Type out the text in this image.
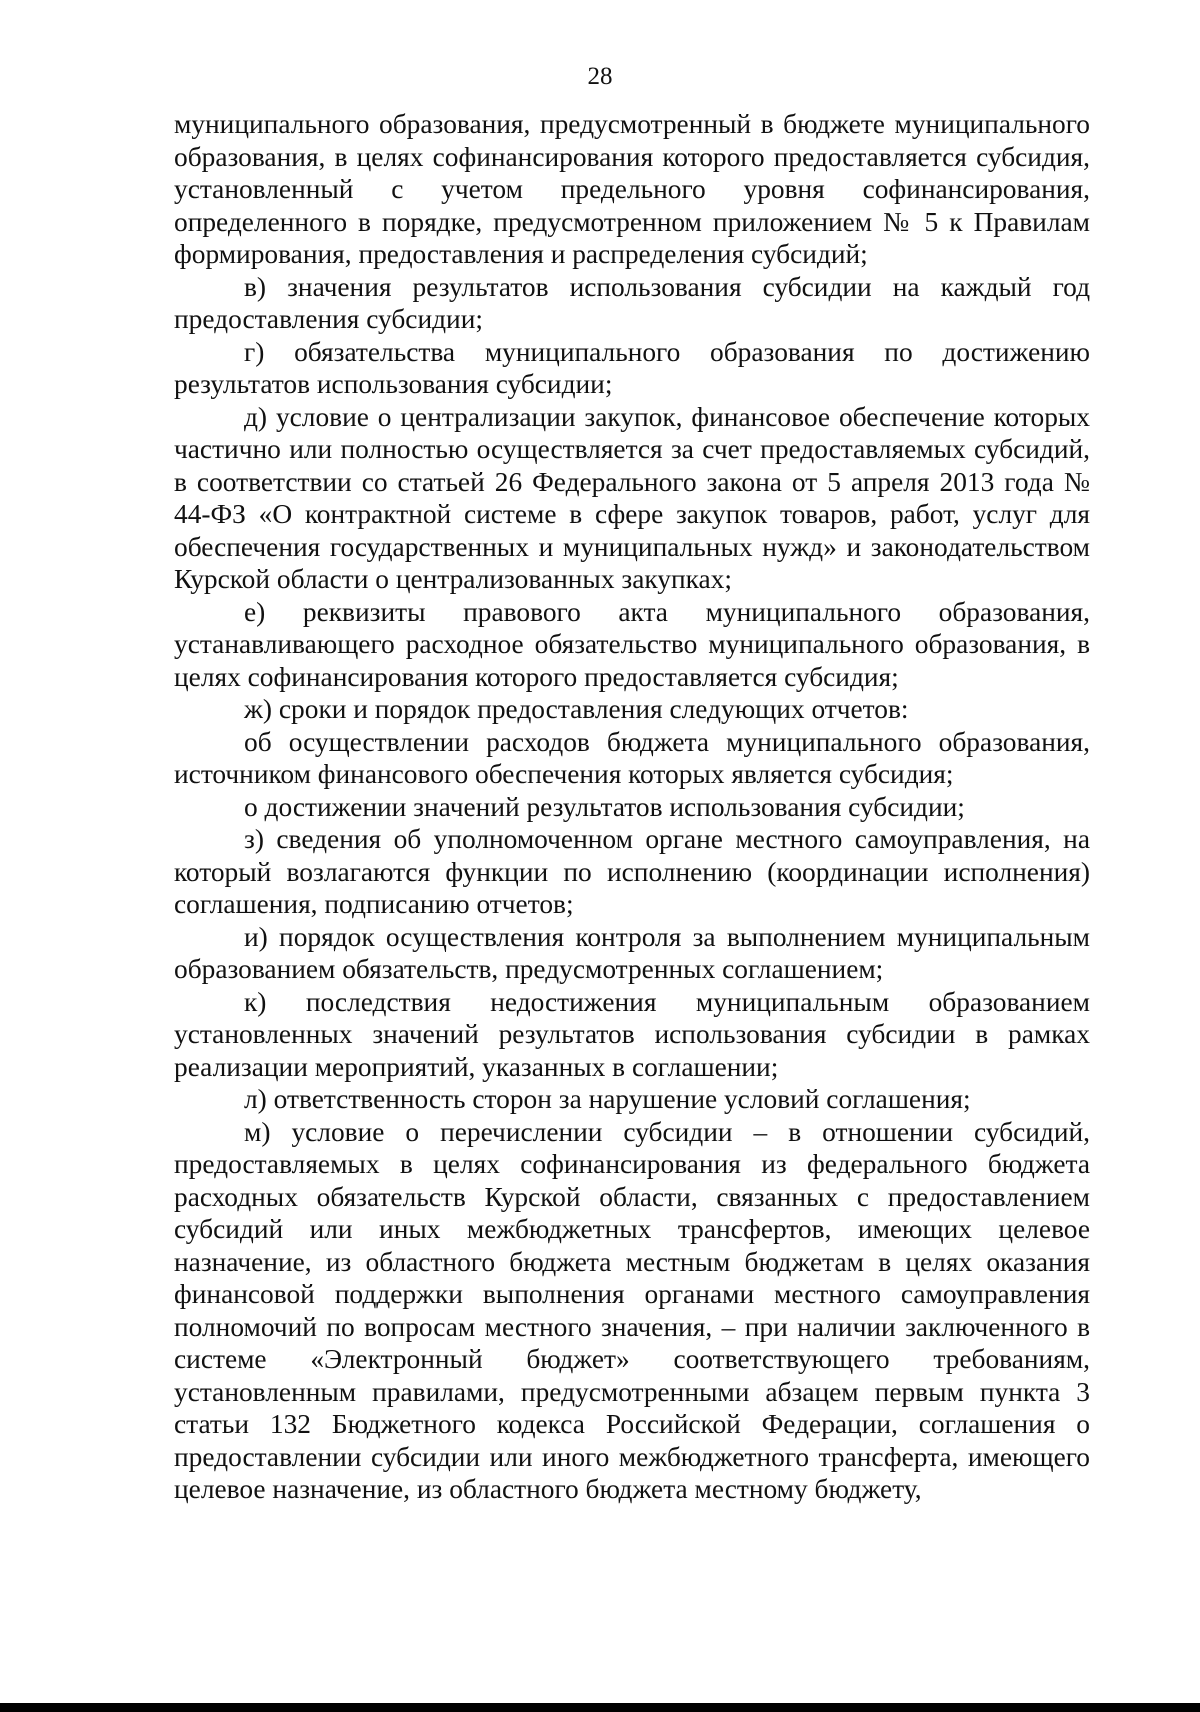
28

муниципального образования, предусмотренный в бюджете муниципального образования, в целях софинансирования которого предоставляется субсидия, установленный с учетом предельного уровня софинансирования, определенного в порядке, предусмотренном приложением № 5 к Правилам формирования, предоставления и распределения субсидий;

в) значения результатов использования субсидии на каждый год предоставления субсидии;

г) обязательства муниципального образования по достижению результатов использования субсидии;

д) условие о централизации закупок, финансовое обеспечение которых частично или полностью осуществляется за счет предоставляемых субсидий, в соответствии со статьей 26 Федерального закона от 5 апреля 2013 года № 44-ФЗ «О контрактной системе в сфере закупок товаров, работ, услуг для обеспечения государственных и муниципальных нужд» и законодательством Курской области о централизованных закупках;

е) реквизиты правового акта муниципального образования, устанавливающего расходное обязательство муниципального образования, в целях софинансирования которого предоставляется субсидия;

ж) сроки и порядок предоставления следующих отчетов:

об осуществлении расходов бюджета муниципального образования, источником финансового обеспечения которых является субсидия;

о достижении значений результатов использования субсидии;

з) сведения об уполномоченном органе местного самоуправления, на который возлагаются функции по исполнению (координации исполнения) соглашения, подписанию отчетов;

и) порядок осуществления контроля за выполнением муниципальным образованием обязательств, предусмотренных соглашением;

к) последствия недостижения муниципальным образованием установленных значений результатов использования субсидии в рамках реализации мероприятий, указанных в соглашении;

л) ответственность сторон за нарушение условий соглашения;

м) условие о перечислении субсидии – в отношении субсидий, предоставляемых в целях софинансирования из федерального бюджета расходных обязательств Курской области, связанных с предоставлением субсидий или иных межбюджетных трансфертов, имеющих целевое назначение, из областного бюджета местным бюджетам в целях оказания финансовой поддержки выполнения органами местного самоуправления полномочий по вопросам местного значения, – при наличии заключенного в системе «Электронный бюджет» соответствующего требованиям, установленным правилами, предусмотренными абзацем первым пункта 3 статьи 132 Бюджетного кодекса Российской Федерации, соглашения о предоставлении субсидии или иного межбюджетного трансферта, имеющего целевое назначение, из областного бюджета местному бюджету,
